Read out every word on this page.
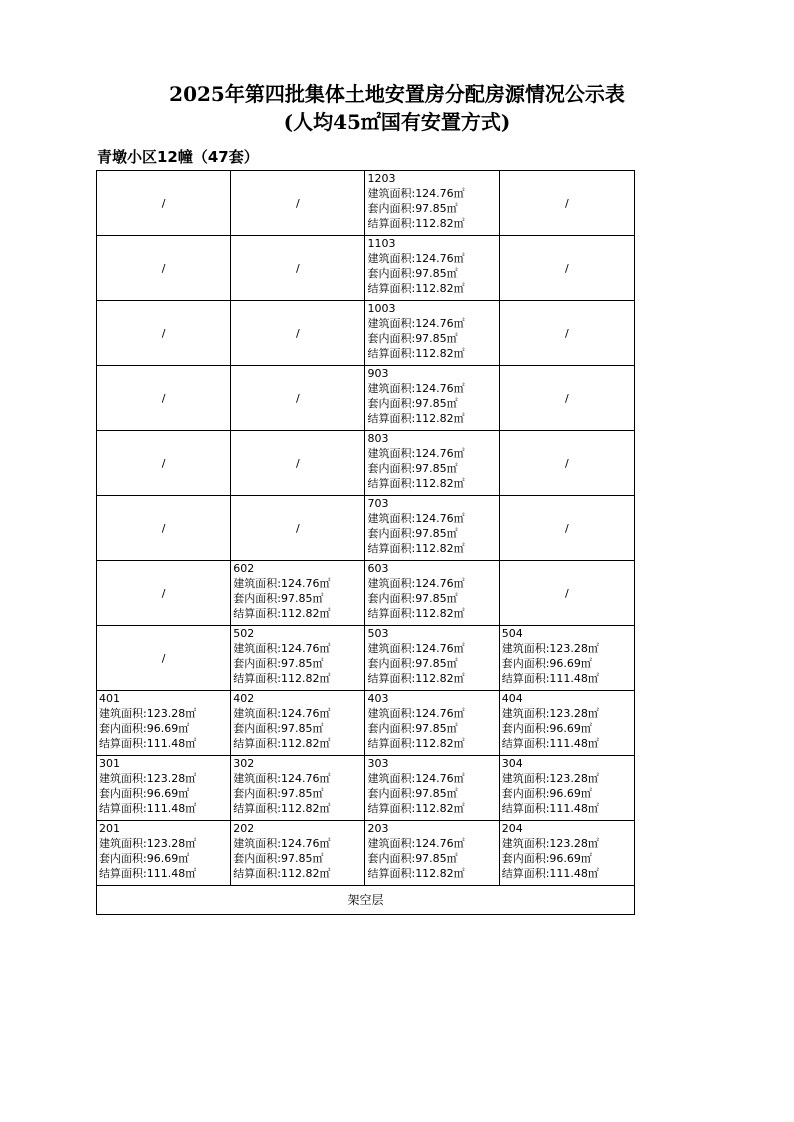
2025年第四批集体土地安置房分配房源情况公示表
(人均45㎡国有安置方式)
青墩小区12幢（47套）
/	/	1203
建筑面积:124.76㎡
套内面积:97.85㎡
结算面积:112.82㎡	/
/	/	1103
建筑面积:124.76㎡
套内面积:97.85㎡
结算面积:112.82㎡	/
/	/	1003
建筑面积:124.76㎡
套内面积:97.85㎡
结算面积:112.82㎡	/
/	/	903
建筑面积:124.76㎡
套内面积:97.85㎡
结算面积:112.82㎡	/
/	/	803
建筑面积:124.76㎡
套内面积:97.85㎡
结算面积:112.82㎡	/
/	/	703
建筑面积:124.76㎡
套内面积:97.85㎡
结算面积:112.82㎡	/
/	602
建筑面积:124.76㎡
套内面积:97.85㎡
结算面积:112.82㎡	603
建筑面积:124.76㎡
套内面积:97.85㎡
结算面积:112.82㎡	/
/	502
建筑面积:124.76㎡
套内面积:97.85㎡
结算面积:112.82㎡	503
建筑面积:124.76㎡
套内面积:97.85㎡
结算面积:112.82㎡	504
建筑面积:123.28㎡
套内面积:96.69㎡
结算面积:111.48㎡

401
建筑面积:123.28㎡
套内面积:96.69㎡
结算面积:111.48㎡	402
建筑面积:124.76㎡
套内面积:97.85㎡
结算面积:112.82㎡	403
建筑面积:124.76㎡
套内面积:97.85㎡
结算面积:112.82㎡	404
建筑面积:123.28㎡
套内面积:96.69㎡
结算面积:111.48㎡

301
建筑面积:123.28㎡
套内面积:96.69㎡
结算面积:111.48㎡	302
建筑面积:124.76㎡
套内面积:97.85㎡
结算面积:112.82㎡	303
建筑面积:124.76㎡
套内面积:97.85㎡
结算面积:112.82㎡	304
建筑面积:123.28㎡
套内面积:96.69㎡
结算面积:111.48㎡

201
建筑面积:123.28㎡
套内面积:96.69㎡
结算面积:111.48㎡	202
建筑面积:124.76㎡
套内面积:97.85㎡
结算面积:112.82㎡	203
建筑面积:124.76㎡
套内面积:97.85㎡
结算面积:112.82㎡	204
建筑面积:123.28㎡
套内面积:96.69㎡
结算面积:111.48㎡

架空层			
